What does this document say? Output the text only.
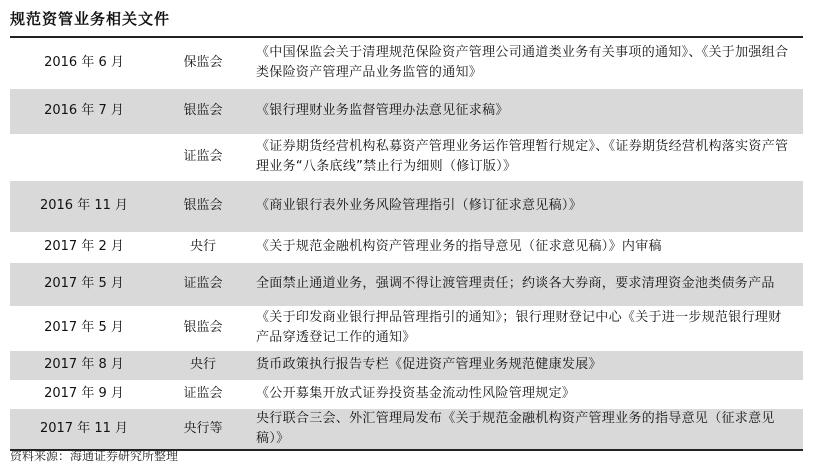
规范资管业务相关文件
2016 年 6 月	保监会	《中国保监会关于清理规范保险资产管理公司通道类业务有关事项的通知》、《关于加强组合类保险资产管理产品业务监管的通知》
2016 年 7 月	银监会	《银行理财业务监督管理办法意见征求稿》
	证监会	《证券期货经营机构私募资产管理业务运作管理暂行规定》、《证券期货经营机构落实资产管理业务“八条底线”禁止行为细则（修订版）》
2016 年 11 月	银监会	《商业银行表外业务风险管理指引（修订征求意见稿）》
2017 年 2 月	央行	《关于规范金融机构资产管理业务的指导意见（征求意见稿）》内审稿
2017 年 5 月	证监会	全面禁止通道业务，强调不得让渡管理责任；约谈各大券商，要求清理资金池类债务产品
2017 年 5 月	银监会	《关于印发商业银行押品管理指引的通知》；银行理财登记中心《关于进一步规范银行理财产品穿透登记工作的通知》
2017 年 8 月	央行	货币政策执行报告专栏《促进资产管理业务规范健康发展》
2017 年 9 月	证监会	《公开募集开放式证券投资基金流动性风险管理规定》
2017 年 11 月	央行等	央行联合三会、外汇管理局发布《关于规范金融机构资产管理业务的指导意见（征求意见稿）》
资料来源：海通证券研究所整理
